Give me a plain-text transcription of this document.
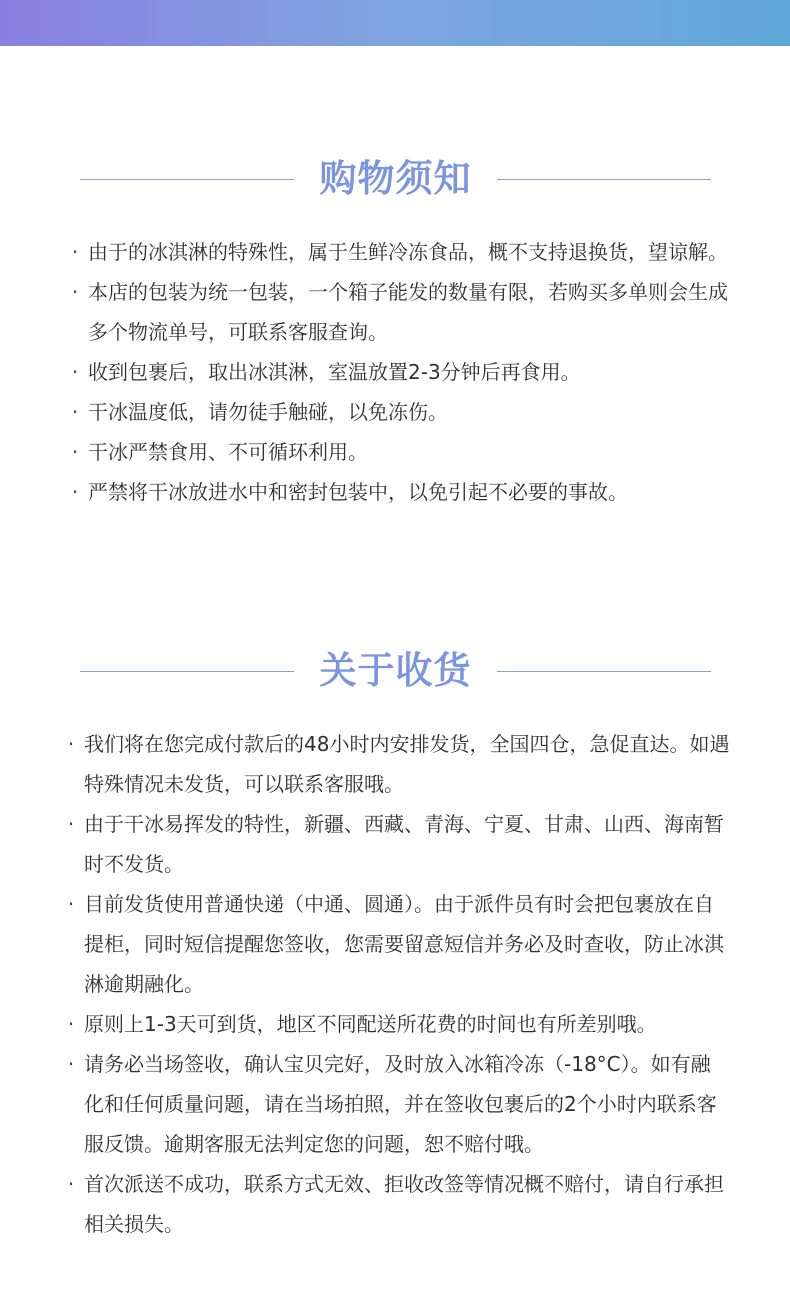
购物须知
· 由于的冰淇淋的特殊性，属于生鲜冷冻食品，概不支持退换货，望谅解。
· 本店的包装为统一包装，一个箱子能发的数量有限，若购买多单则会生成多个物流单号，可联系客服查询。
· 收到包裹后，取出冰淇淋，室温放置2-3分钟后再食用。
· 干冰温度低，请勿徒手触碰，以免冻伤。
· 干冰严禁食用、不可循环利用。
· 严禁将干冰放进水中和密封包装中，以免引起不必要的事故。
关于收货
· 我们将在您完成付款后的48小时内安排发货，全国四仓，急促直达。如遇特殊情况未发货，可以联系客服哦。
· 由于干冰易挥发的特性，新疆、西藏、青海、宁夏、甘肃、山西、海南暂时不发货。
· 目前发货使用普通快递（中通、圆通）。由于派件员有时会把包裹放在自提柜，同时短信提醒您签收，您需要留意短信并务必及时查收，防止冰淇淋逾期融化。
· 原则上1-3天可到货，地区不同配送所花费的时间也有所差别哦。
· 请务必当场签收，确认宝贝完好，及时放入冰箱冷冻（-18°C）。如有融化和任何质量问题，请在当场拍照，并在签收包裹后的2个小时内联系客服反馈。逾期客服无法判定您的问题，恕不赔付哦。
· 首次派送不成功，联系方式无效、拒收改签等情况概不赔付，请自行承担相关损失。
